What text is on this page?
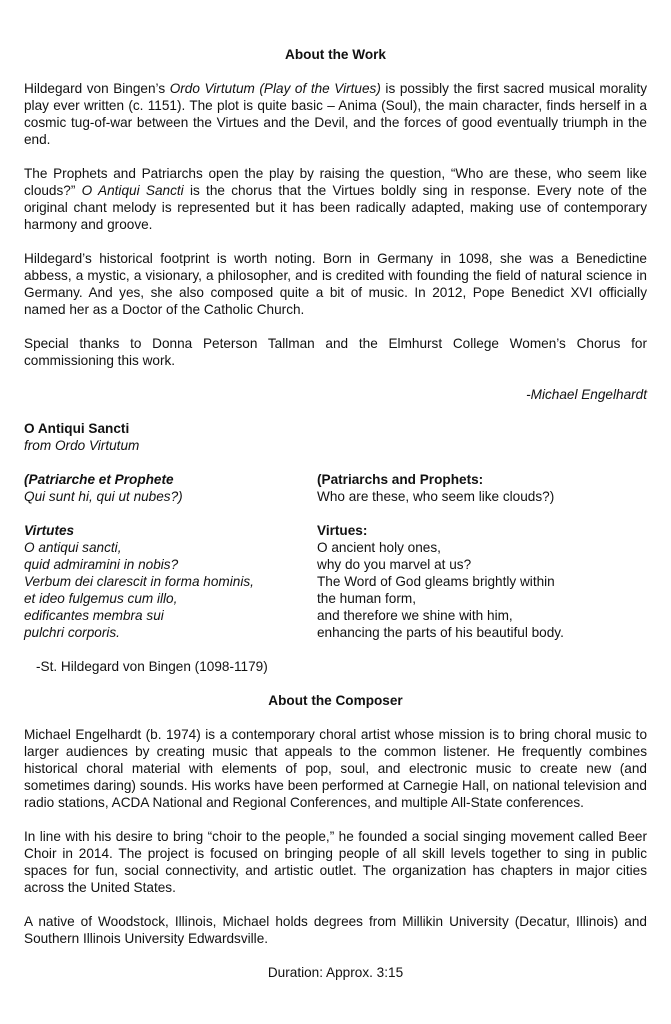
About the Work

Hildegard von Bingen’s Ordo Virtutum (Play of the Virtues) is possibly the first sacred musical morality play ever written (c. 1151). The plot is quite basic – Anima (Soul), the main character, finds herself in a cosmic tug-of-war between the Virtues and the Devil, and the forces of good eventually triumph in the end.

The Prophets and Patriarchs open the play by raising the question, “Who are these, who seem like clouds?” O Antiqui Sancti is the chorus that the Virtues boldly sing in response. Every note of the original chant melody is represented but it has been radically adapted, making use of contemporary harmony and groove.

Hildegard’s historical footprint is worth noting. Born in Germany in 1098, she was a Benedictine abbess, a mystic, a visionary, a philosopher, and is credited with founding the field of natural science in Germany. And yes, she also composed quite a bit of music. In 2012, Pope Benedict XVI officially named her as a Doctor of the Catholic Church.

Special thanks to Donna Peterson Tallman and the Elmhurst College Women’s Chorus for commissioning this work.

-Michael Engelhardt
O Antiqui Sancti
from Ordo Virtutum
(Patriarche et Prophete
Qui sunt hi, qui ut nubes?)
(Patriarchs and Prophets:
Who are these, who seem like clouds?)
Virtutes
O antiqui sancti,
quid admiramini in nobis?
Verbum dei clarescit in forma hominis,
et ideo fulgemus cum illo,
edificantes membra sui
pulchri corporis.
Virtues:
O ancient holy ones,
why do you marvel at us?
The Word of God gleams brightly within
the human form,
and therefore we shine with him,
enhancing the parts of his beautiful body.
-St. Hildegard von Bingen (1098-1179)
About the Composer

Michael Engelhardt (b. 1974) is a contemporary choral artist whose mission is to bring choral music to larger audiences by creating music that appeals to the common listener. He frequently combines historical choral material with elements of pop, soul, and electronic music to create new (and sometimes daring) sounds. His works have been performed at Carnegie Hall, on national television and radio stations, ACDA National and Regional Conferences, and multiple All-State conferences.

In line with his desire to bring “choir to the people,” he founded a social singing movement called Beer Choir in 2014. The project is focused on bringing people of all skill levels together to sing in public spaces for fun, social connectivity, and artistic outlet. The organization has chapters in major cities across the United States.

A native of Woodstock, Illinois, Michael holds degrees from Millikin University (Decatur, Illinois) and Southern Illinois University Edwardsville.

Duration: Approx. 3:15
